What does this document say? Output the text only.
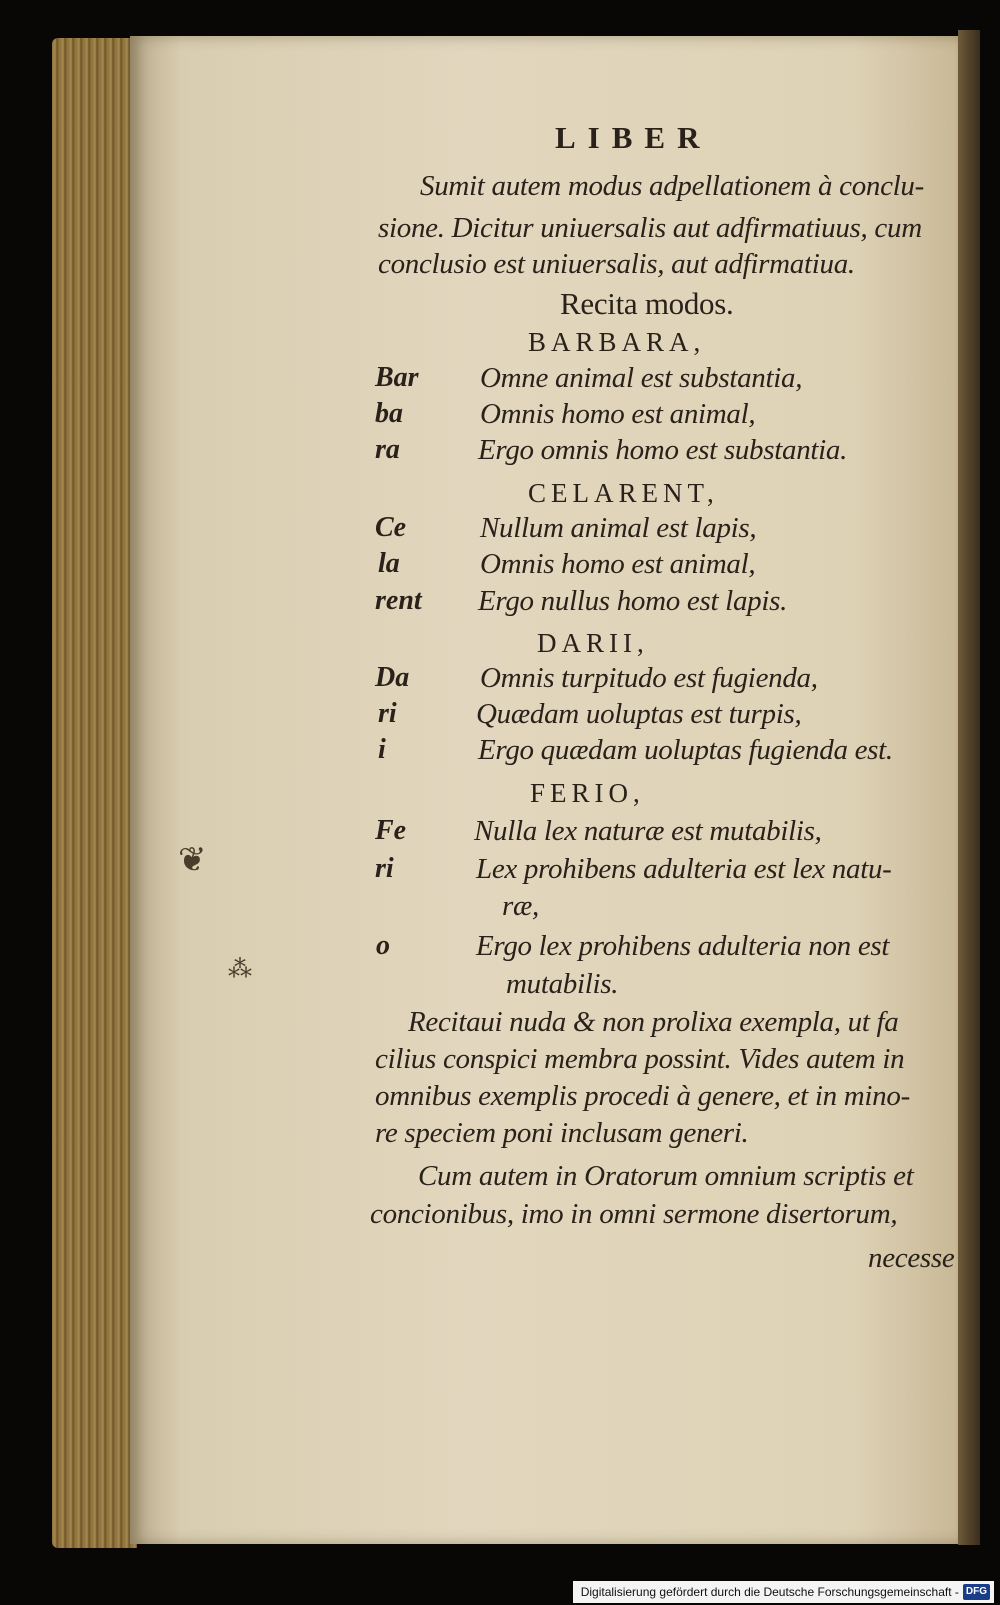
LIBER
Sumit autem modus adpellationem à conclu-
sione. Dicitur uniuersalis aut adfirmatiuus, cum
conclusio est uniuersalis, aut adfirmatiua.
Recita modos.
BARBARA,
Bar Omne animal est substantia,
ba	Omnis homo est animal,
ra	Ergo omnis homo est substantia.
CELARENT,
Ce	Nullum animal est lapis,
la	Omnis homo est animal,
rent Ergo nullus homo est lapis.
DARII,
Da Omnis turpitudo est fugienda,
ri	Quædam uoluptas est turpis,
i	Ergo quædam uoluptas fugienda est.
FERIO,
Fe Nulla lex naturæ est mutabilis,
ri	Lex prohibens adulteria est lex natu-
ræ,
o	Ergo lex prohibens adulteria non est
mutabilis.
Recitaui nuda & non prolixa exempla, ut fa
cilius conspici membra possint. Vides autem in
omnibus exemplis procedi à genere, et in mino-
re speciem poni inclusam generi.
Cum autem in Oratorum omnium scriptis et
concionibus, imo in omni sermone disertorum,
necesse
❦
⁂
Digitalisierung gefördert durch die Deutsche Forschungsgemeinschaft - DFG
